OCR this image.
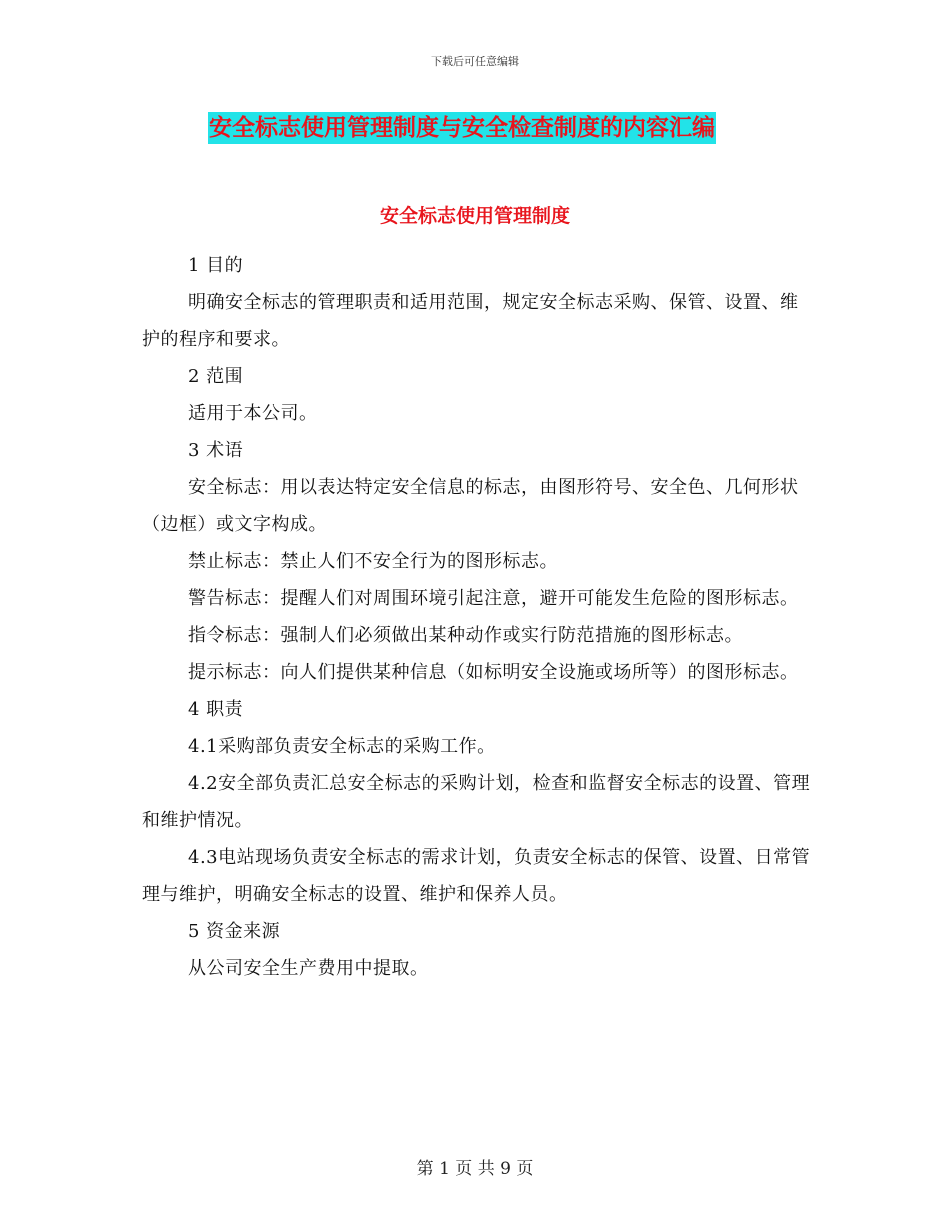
下载后可任意编辑
安全标志使用管理制度与安全检查制度的内容汇编
安全标志使用管理制度

1 目的

明确安全标志的管理职责和适用范围，规定安全标志采购、保管、设置、维护的程序和要求。

2 范围

适用于本公司。

3 术语

安全标志：用以表达特定安全信息的标志，由图形符号、安全色、几何形状（边框）或文字构成。

禁止标志：禁止人们不安全行为的图形标志。

警告标志：提醒人们对周围环境引起注意，避开可能发生危险的图形标志。

指令标志：强制人们必须做出某种动作或实行防范措施的图形标志。

提示标志：向人们提供某种信息（如标明安全设施或场所等）的图形标志。

4 职责

4.1采购部负责安全标志的采购工作。

4.2安全部负责汇总安全标志的采购计划，检查和监督安全标志的设置、管理和维护情况。

4.3电站现场负责安全标志的需求计划，负责安全标志的保管、设置、日常管理与维护，明确安全标志的设置、维护和保养人员。

5 资金来源

从公司安全生产费用中提取。

第 1 页 共 9 页
